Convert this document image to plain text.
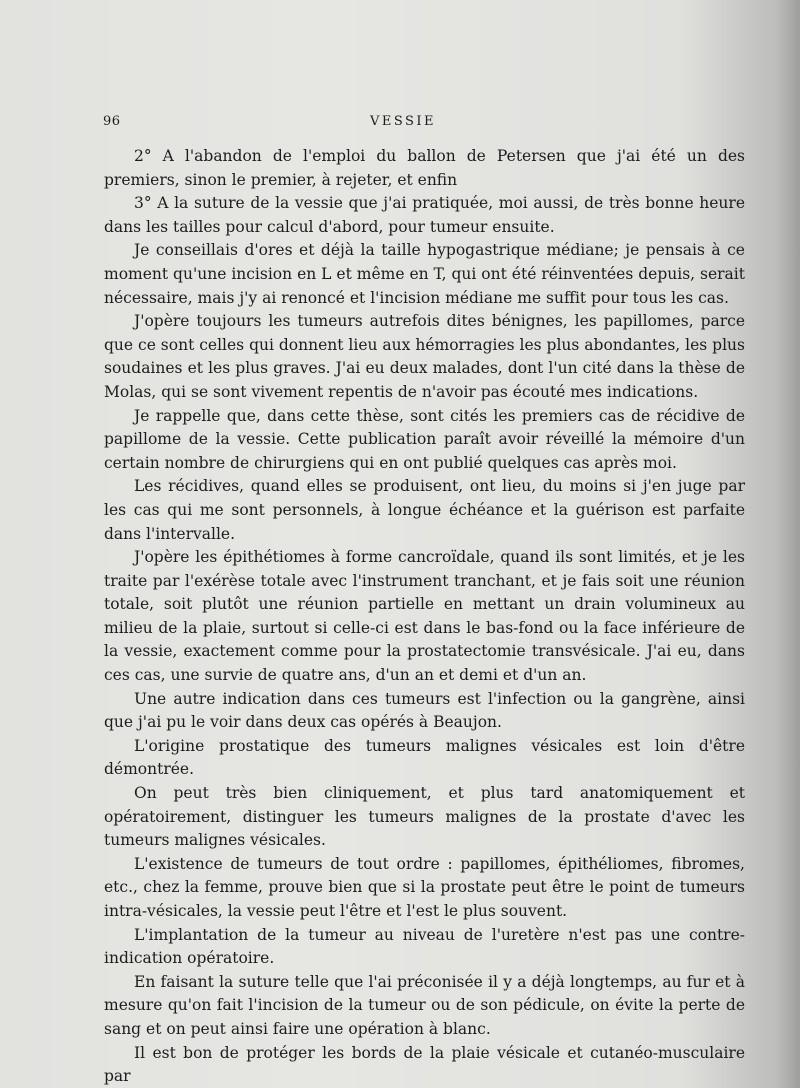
96	VESSIE

2° A l'abandon de l'emploi du ballon de Petersen que j'ai été un des premiers, sinon le premier, à rejeter, et enfin

3° A la suture de la vessie que j'ai pratiquée, moi aussi, de très bonne heure dans les tailles pour calcul d'abord, pour tumeur ensuite.

Je conseillais d'ores et déjà la taille hypogastrique médiane; je pensais à ce moment qu'une incision en L et même en T, qui ont été réinventées depuis, serait nécessaire, mais j'y ai renoncé et l'incision médiane me suffit pour tous les cas.

J'opère toujours les tumeurs autrefois dites bénignes, les papillomes, parce que ce sont celles qui donnent lieu aux hémorragies les plus abondantes, les plus soudaines et les plus graves. J'ai eu deux malades, dont l'un cité dans la thèse de Molas, qui se sont vivement repentis de n'avoir pas écouté mes indications.

Je rappelle que, dans cette thèse, sont cités les premiers cas de récidive de papillome de la vessie. Cette publication paraît avoir réveillé la mémoire d'un certain nombre de chirurgiens qui en ont publié quelques cas après moi.

Les récidives, quand elles se produisent, ont lieu, du moins si j'en juge par les cas qui me sont personnels, à longue échéance et la guérison est parfaite dans l'intervalle.

J'opère les épithétiomes à forme cancroïdale, quand ils sont limités, et je les traite par l'exérèse totale avec l'instrument tranchant, et je fais soit une réunion totale, soit plutôt une réunion partielle en mettant un drain volumineux au milieu de la plaie, surtout si celle-ci est dans le bas-fond ou la face inférieure de la vessie, exactement comme pour la prostatectomie transvésicale. J'ai eu, dans ces cas, une survie de quatre ans, d'un an et demi et d'un an.

Une autre indication dans ces tumeurs est l'infection ou la gangrène, ainsi que j'ai pu le voir dans deux cas opérés à Beaujon.

L'origine prostatique des tumeurs malignes vésicales est loin d'être démontrée.

On peut très bien cliniquement, et plus tard anatomiquement et opératoirement, distinguer les tumeurs malignes de la prostate d'avec les tumeurs malignes vésicales.

L'existence de tumeurs de tout ordre : papillomes, épithéliomes, fibromes, etc., chez la femme, prouve bien que si la prostate peut être le point de tumeurs intra-vésicales, la vessie peut l'être et l'est le plus souvent.

L'implantation de la tumeur au niveau de l'uretère n'est pas une contre-indication opératoire.

En faisant la suture telle que l'ai préconisée il y a déjà longtemps, au fur et à mesure qu'on fait l'incision de la tumeur ou de son pédicule, on évite la perte de sang et on peut ainsi faire une opération à blanc.

Il est bon de protéger les bords de la plaie vésicale et cutanéo-musculaire par
